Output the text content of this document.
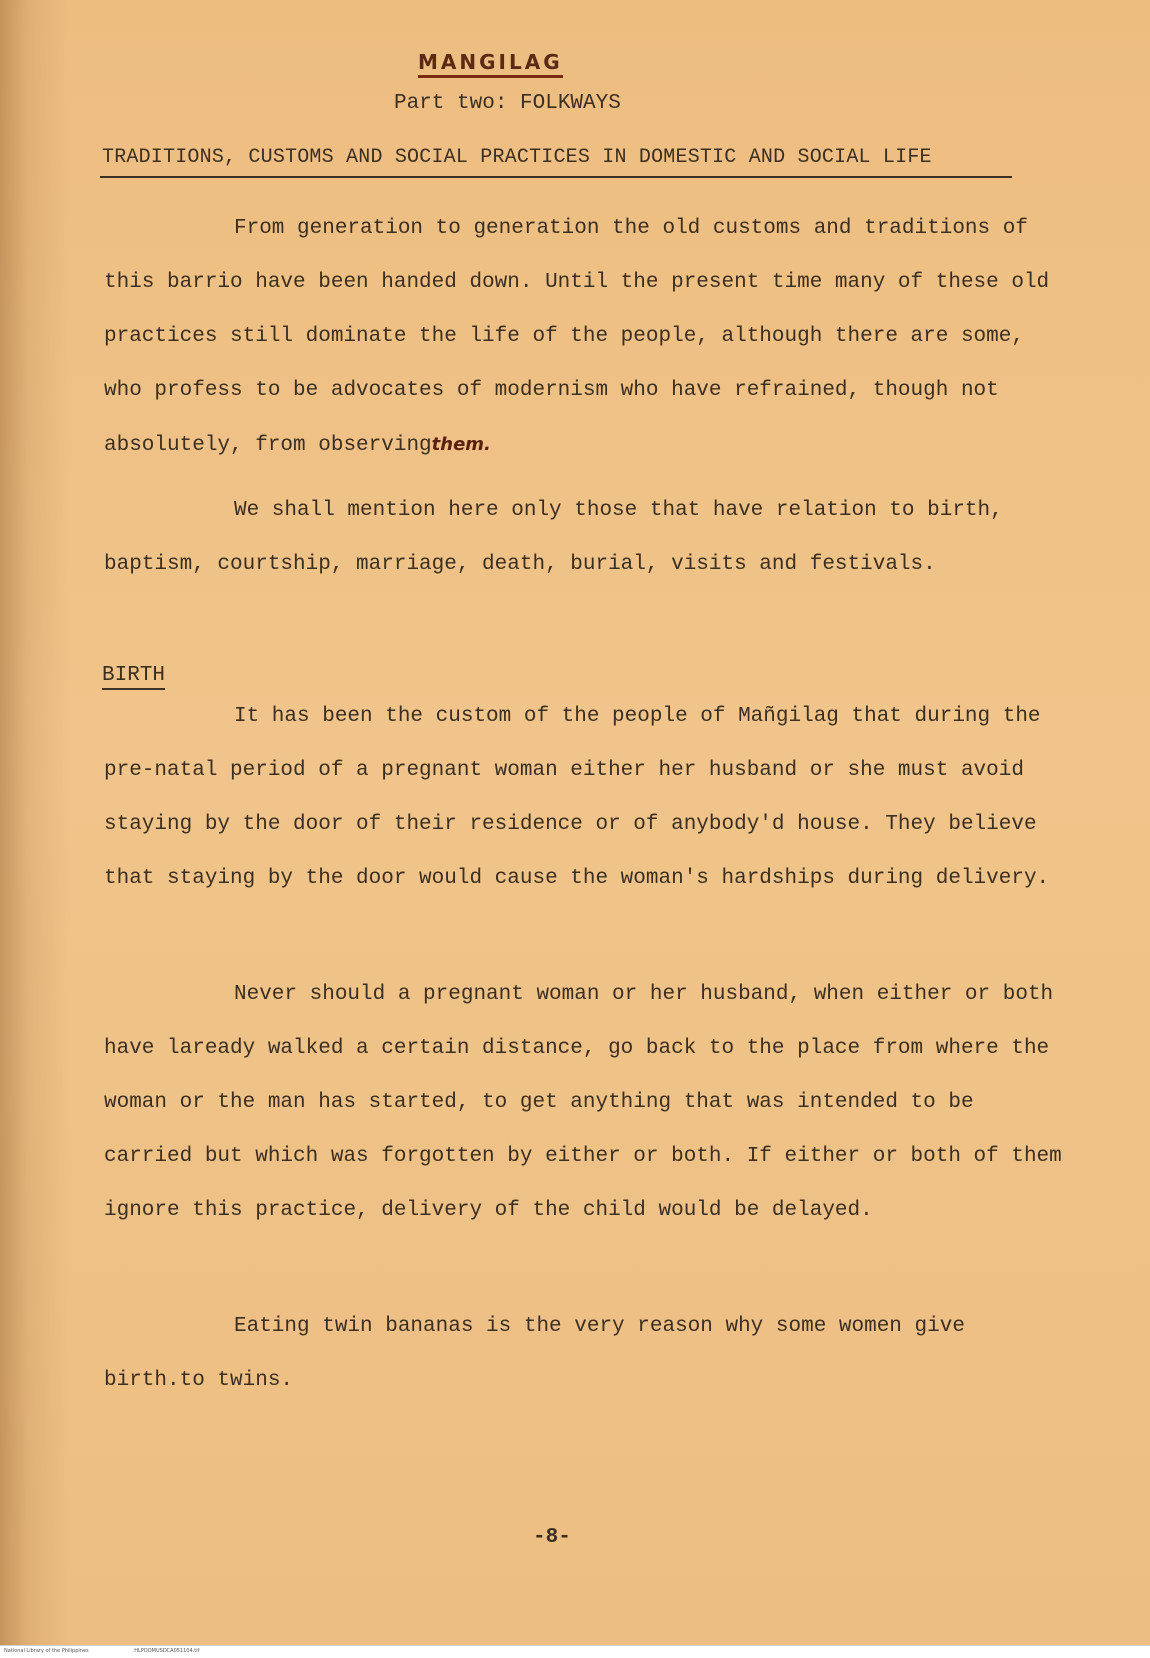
MANGILAG
Part two: FOLKWAYS
TRADITIONS, CUSTOMS AND SOCIAL PRACTICES IN DOMESTIC AND SOCIAL LIFE

From generation to generation the old customs and traditions of this barrio have been handed down. Until the present time many of these old practices still dominate the life of the people, although there are some, who profess to be advocates of modernism who have refrained, though not absolutely, from observingthem.

We shall mention here only those that have relation to birth, baptism, courtship, marriage, death, burial, visits and festivals.

BIRTH

It has been the custom of the people of Mañgilag that during the pre-natal period of a pregnant woman either her husband or she must avoid staying by the door of their residence or of anybody'd house. They believe that staying by the door would cause the woman's hardships during delivery.

Never should a pregnant woman or her husband, when either or both have laready walked a certain distance, go back to the place from where the woman or the man has started, to get anything that was intended to be carried but which was forgotten by either or both. If either or both of them ignore this practice, delivery of the child would be delayed.

Eating twin bananas is the very reason why some women give birth.to twins.

-8-
National Library of the Philippines	HLPOOMUSDCA051104.tif
